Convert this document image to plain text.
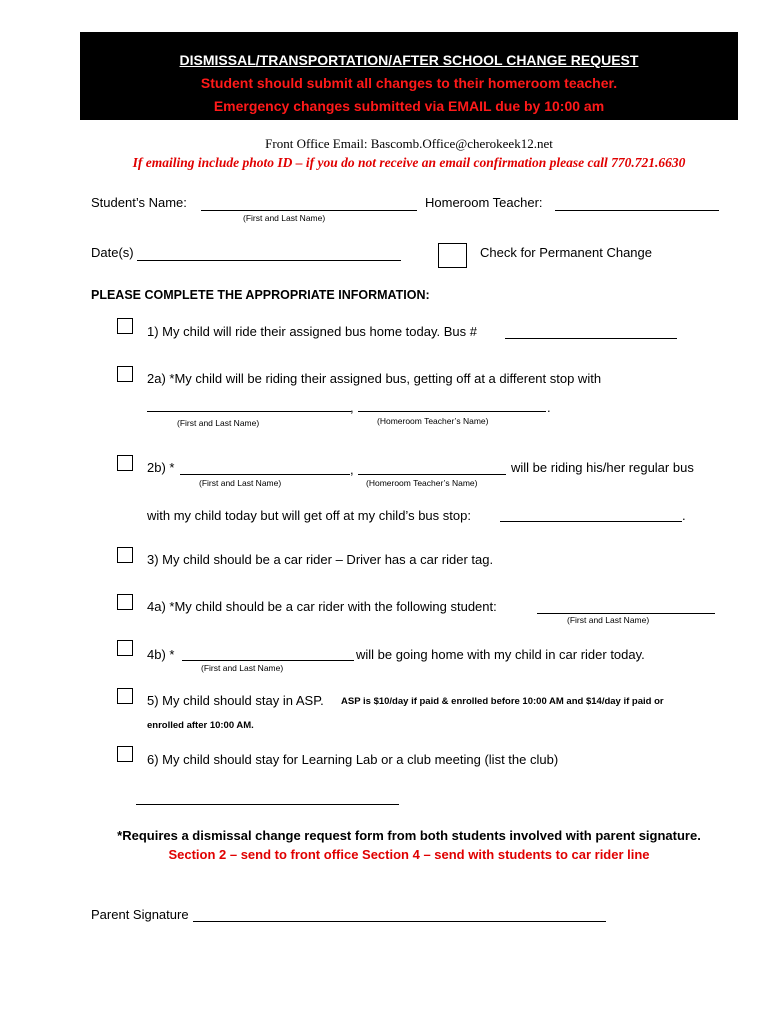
DISMISSAL/TRANSPORTATION/AFTER SCHOOL CHANGE REQUEST
Student should submit all changes to their homeroom teacher.
Emergency changes submitted via EMAIL due by 10:00 am
Front Office Email: Bascomb.Office@cherokeek12.net
If emailing include photo ID – if you do not receive an email confirmation please call 770.721.6630
Student’s Name:
(First and Last Name)
Homeroom Teacher:
Date(s)	Check for Permanent Change
PLEASE COMPLETE THE APPROPRIATE INFORMATION:
1) My child will ride their assigned bus home today. Bus #
2a) *My child will be riding their assigned bus, getting off at a different stop with
,	.
(First and Last Name)	(Homeroom Teacher’s Name)
2b) *	,	will be riding his/her regular bus
(First and Last Name)	(Homeroom Teacher’s Name)
with my child today but will get off at my child’s bus stop:	.
3) My child should be a car rider – Driver has a car rider tag.
4a) *My child should be a car rider with the following student:
(First and Last Name)
4b) *	will be going home with my child in car rider today.
(First and Last Name)
5) My child should stay in ASP. ASP is $10/day if paid & enrolled before 10:00 AM and $14/day if paid or
enrolled after 10:00 AM.
6) My child should stay for Learning Lab or a club meeting (list the club)
*Requires a dismissal change request form from both students involved with parent signature.
Section 2 – send to front office Section 4 – send with students to car rider line
Parent Signature
